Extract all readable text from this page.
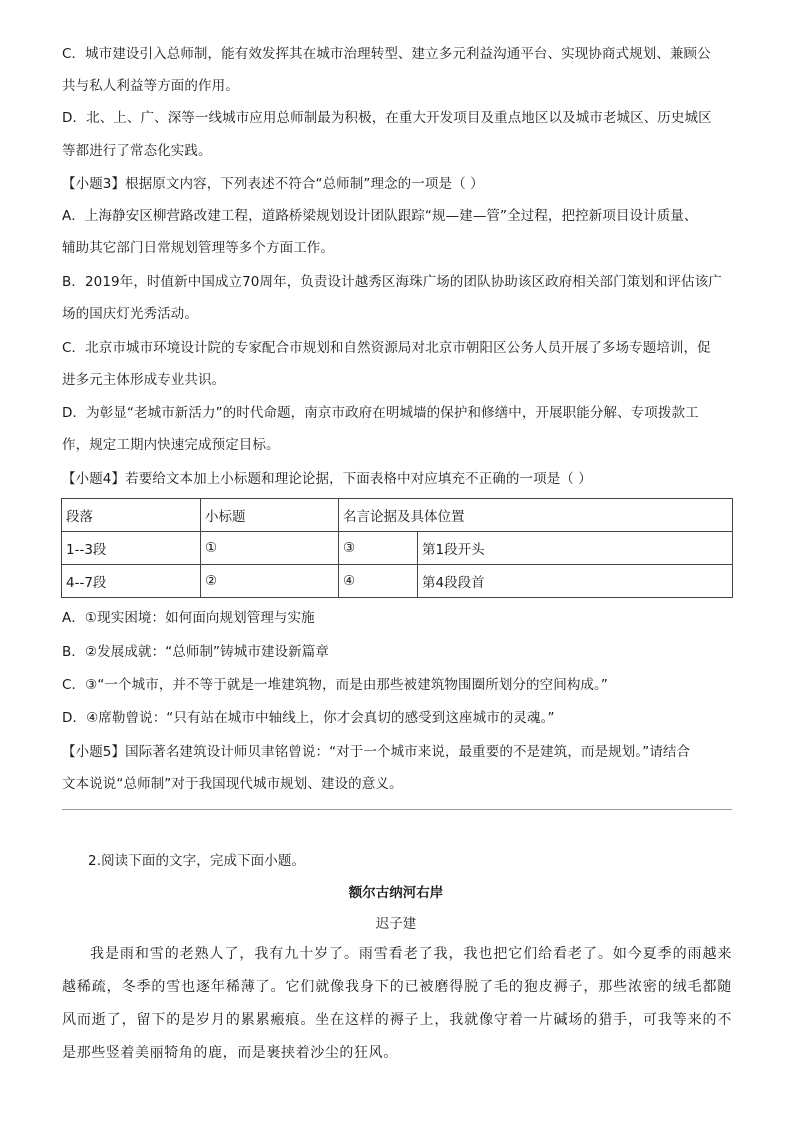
C．城市建设引入总师制，能有效发挥其在城市治理转型、建立多元利益沟通平台、实现协商式规划、兼顾公
共与私人利益等方面的作用。
D．北、上、广、深等一线城市应用总师制最为积极，在重大开发项目及重点地区以及城市老城区、历史城区
等都进行了常态化实践。
【小题3】根据原文内容，下列表述不符合“总师制”理念的一项是（ ）
A．上海静安区柳营路改建工程，道路桥梁规划设计团队跟踪“规—建—管”全过程，把控新项目设计质量、
辅助其它部门日常规划管理等多个方面工作。
B．2019年，时值新中国成立70周年，负责设计越秀区海珠广场的团队协助该区政府相关部门策划和评估该广
场的国庆灯光秀活动。
C．北京市城市环境设计院的专家配合市规划和自然资源局对北京市朝阳区公务人员开展了多场专题培训，促
进多元主体形成专业共识。
D．为彰显“老城市新活力”的时代命题，南京市政府在明城墙的保护和修缮中，开展职能分解、专项拨款工
作，规定工期内快速完成预定目标。
【小题4】若要给文本加上小标题和理论论据，下面表格中对应填充不正确的一项是（ ）
段落	小标题	名言论据及具体位置	
1--3段	①	③	第1段开头
4--7段	②	④	第4段段首
A．①现实困境：如何面向规划管理与实施
B．②发展成就：“总师制”铸城市建设新篇章
C．③“一个城市，并不等于就是一堆建筑物，而是由那些被建筑物围圈所划分的空间构成。”
D．④席勒曾说：“只有站在城市中轴线上，你才会真切的感受到这座城市的灵魂。”
【小题5】国际著名建筑设计师贝聿铭曾说：“对于一个城市来说，最重要的不是建筑，而是规划。”请结合
文本说说“总师制”对于我国现代城市规划、建设的意义。
2.阅读下面的文字，完成下面小题。
额尔古纳河右岸
迟子建
我是雨和雪的老熟人了，我有九十岁了。雨雪看老了我，我也把它们给看老了。如今夏季的雨越来越稀疏，冬季的雪也逐年稀薄了。它们就像我身下的已被磨得脱了毛的狍皮褥子，那些浓密的绒毛都随风而逝了，留下的是岁月的累累瘢痕。坐在这样的褥子上，我就像守着一片碱场的猎手，可我等来的不是那些竖着美丽犄角的鹿，而是裹挟着沙尘的狂风。
